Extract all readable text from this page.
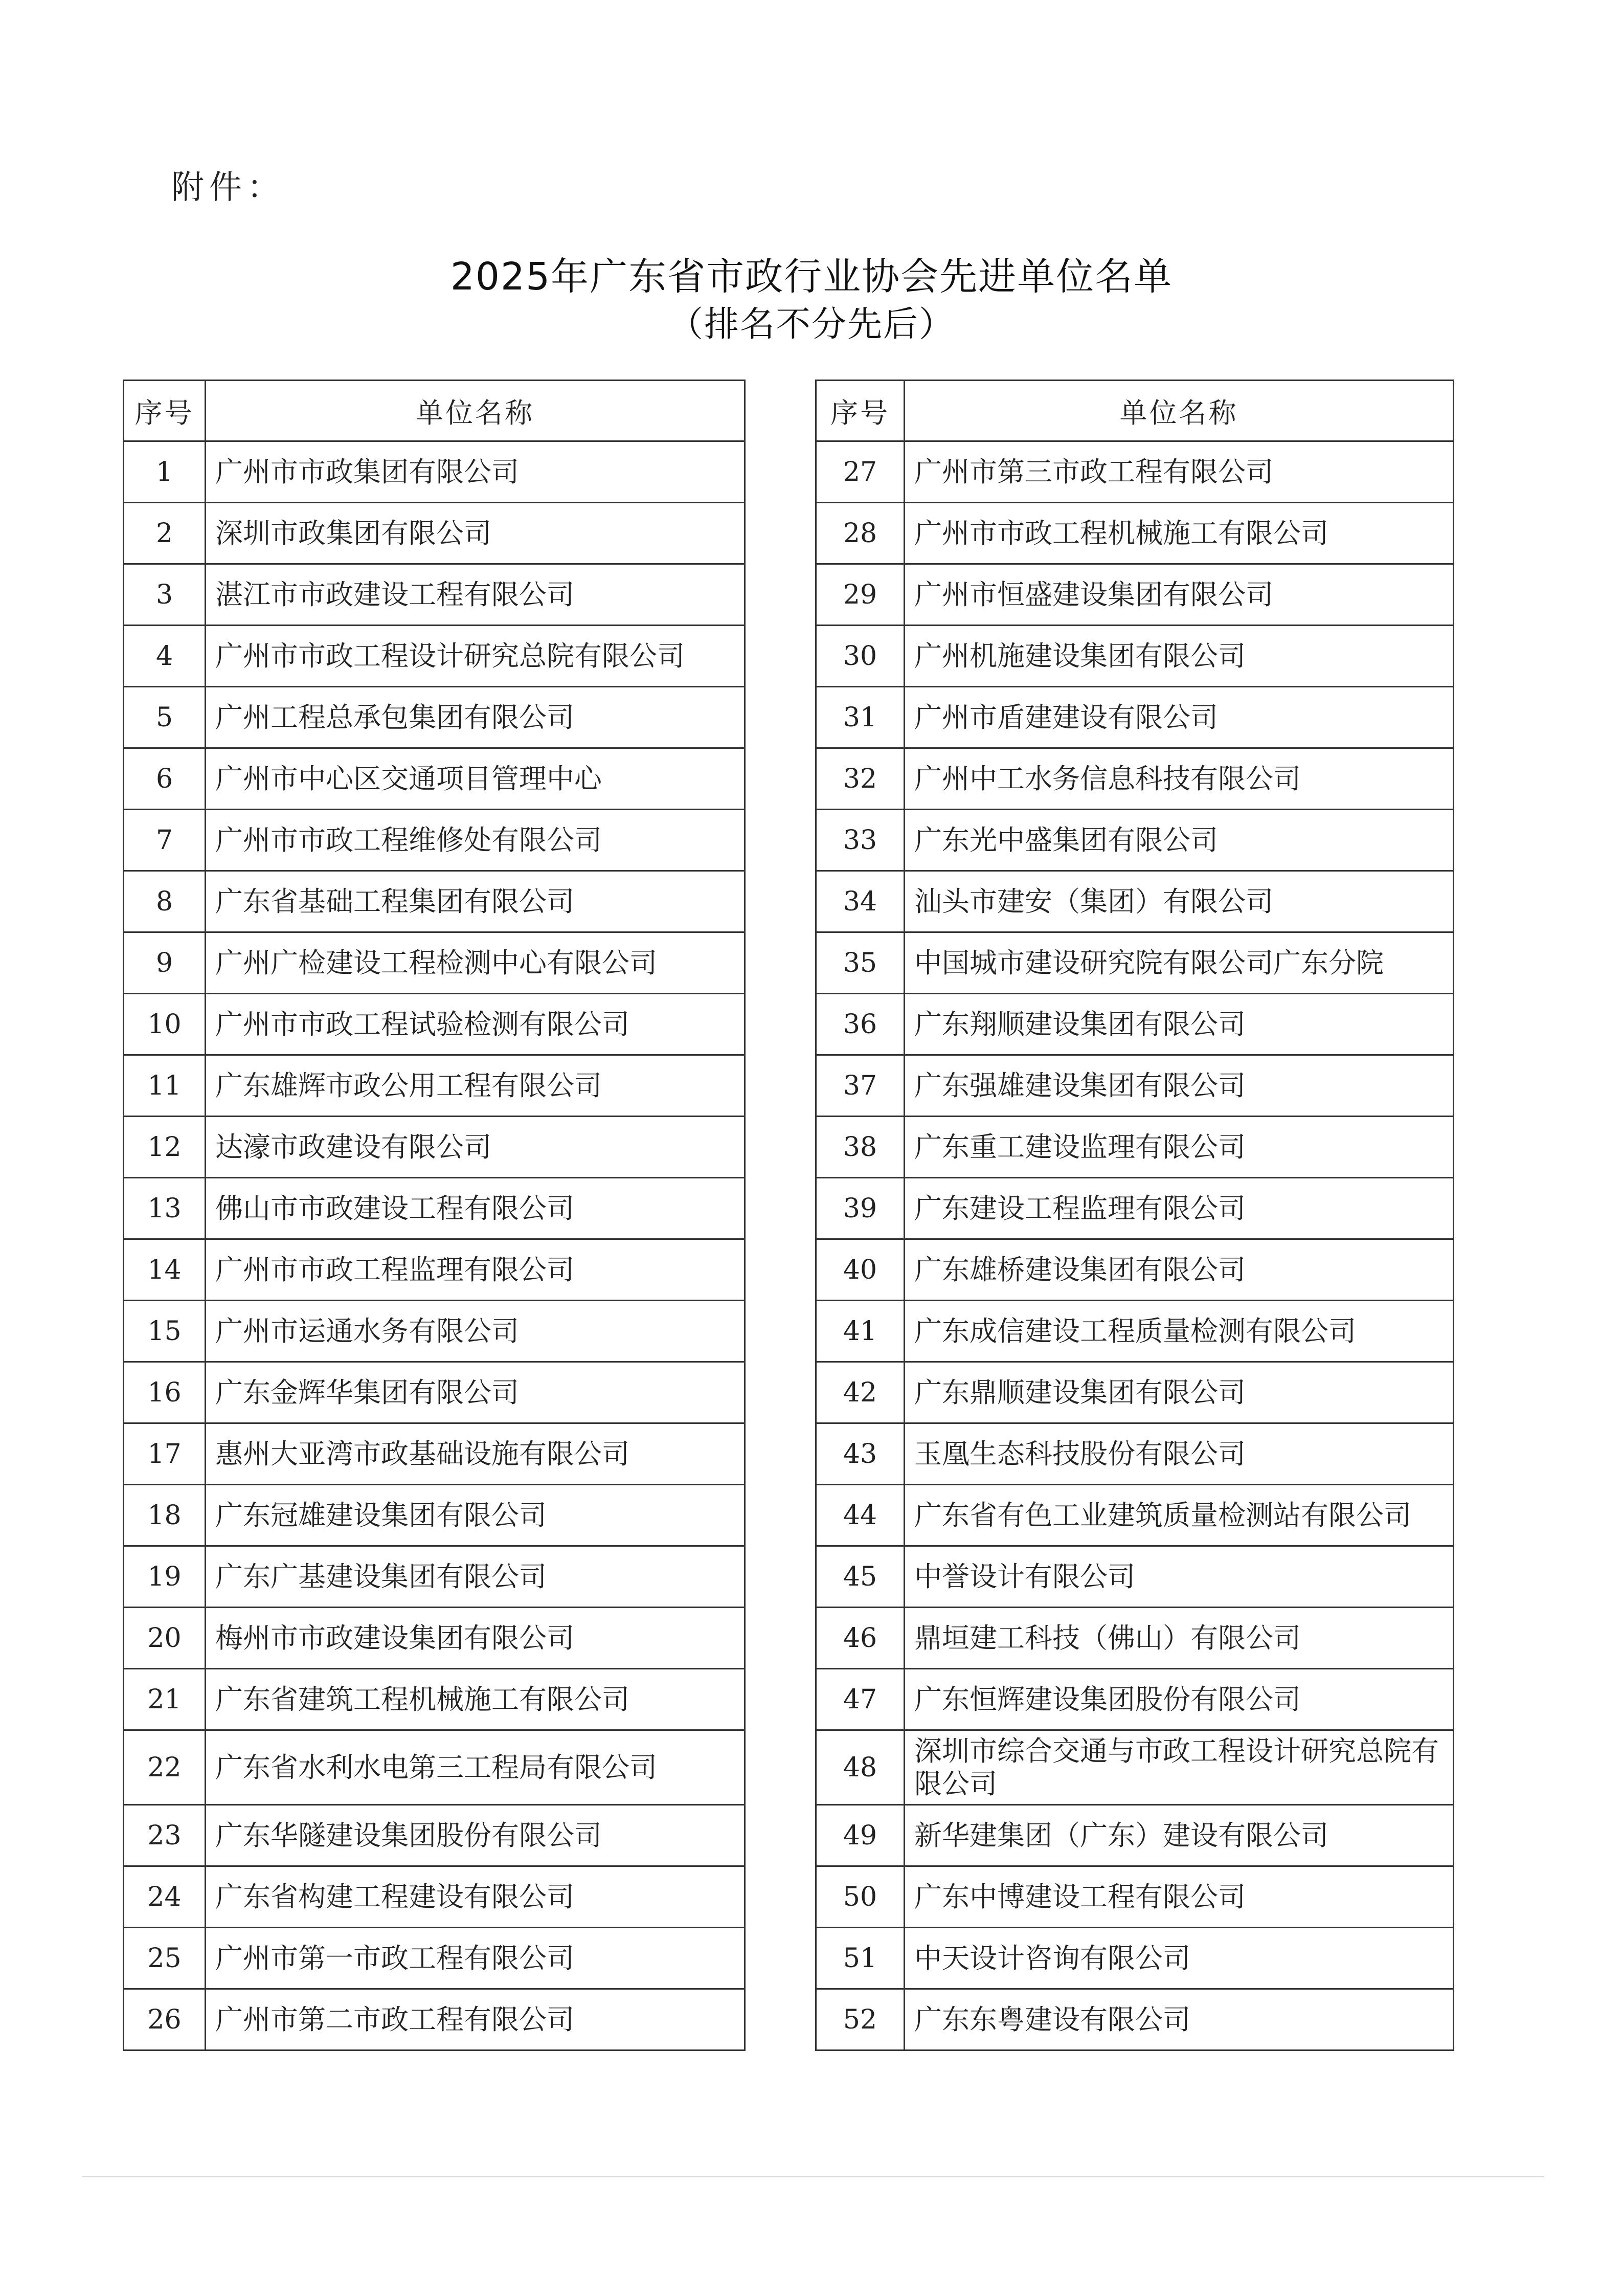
附件：
2025年广东省市政行业协会先进单位名单
（排名不分先后）
序号	单位名称
1	广州市市政集团有限公司
2	深圳市政集团有限公司
3	湛江市市政建设工程有限公司
4	广州市市政工程设计研究总院有限公司
5	广州工程总承包集团有限公司
6	广州市中心区交通项目管理中心
7	广州市市政工程维修处有限公司
8	广东省基础工程集团有限公司
9	广州广检建设工程检测中心有限公司
10	广州市市政工程试验检测有限公司
11	广东雄辉市政公用工程有限公司
12	达濠市政建设有限公司
13	佛山市市政建设工程有限公司
14	广州市市政工程监理有限公司
15	广州市运通水务有限公司
16	广东金辉华集团有限公司
17	惠州大亚湾市政基础设施有限公司
18	广东冠雄建设集团有限公司
19	广东广基建设集团有限公司
20	梅州市市政建设集团有限公司
21	广东省建筑工程机械施工有限公司
22	广东省水利水电第三工程局有限公司
23	广东华隧建设集团股份有限公司
24	广东省构建工程建设有限公司
25	广州市第一市政工程有限公司
26	广州市第二市政工程有限公司
序号	单位名称
27	广州市第三市政工程有限公司
28	广州市市政工程机械施工有限公司
29	广州市恒盛建设集团有限公司
30	广州机施建设集团有限公司
31	广州市盾建建设有限公司
32	广州中工水务信息科技有限公司
33	广东光中盛集团有限公司
34	汕头市建安（集团）有限公司
35	中国城市建设研究院有限公司广东分院
36	广东翔顺建设集团有限公司
37	广东强雄建设集团有限公司
38	广东重工建设监理有限公司
39	广东建设工程监理有限公司
40	广东雄桥建设集团有限公司
41	广东成信建设工程质量检测有限公司
42	广东鼎顺建设集团有限公司
43	玉凰生态科技股份有限公司
44	广东省有色工业建筑质量检测站有限公司
45	中誉设计有限公司
46	鼎垣建工科技（佛山）有限公司
47	广东恒辉建设集团股份有限公司
48	深圳市综合交通与市政工程设计研究总院有限公司
49	新华建集团（广东）建设有限公司
50	广东中博建设工程有限公司
51	中天设计咨询有限公司
52	广东东粤建设有限公司
